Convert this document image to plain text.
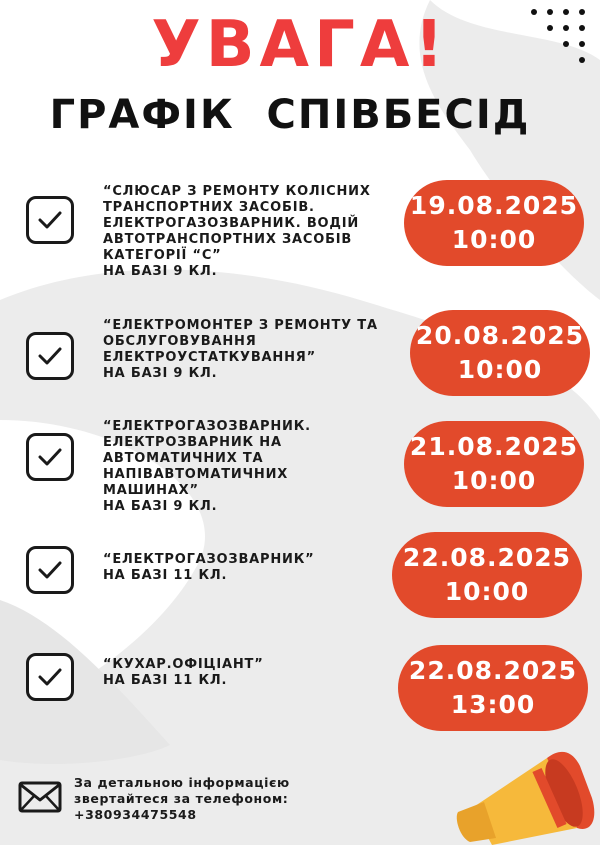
УВАГА!
ГРАФІК  СПІВБЕСІД
“СЛЮСАР З РЕМОНТУ КОЛІСНИХ
ТРАНСПОРТНИХ ЗАСОБІВ.
ЕЛЕКТРОГАЗОЗВАРНИК. ВОДІЙ
АВТОТРАНСПОРТНИХ ЗАСОБІВ
КАТЕГОРІЇ “С”
НА БАЗІ 9 КЛ.
19.08.2025
10:00
“ЕЛЕКТРОМОНТЕР З РЕМОНТУ ТА
ОБСЛУГОВУВАННЯ
ЕЛЕКТРОУСТАТКУВАННЯ”
НА БАЗІ 9 КЛ.
20.08.2025
10:00
“ЕЛЕКТРОГАЗОЗВАРНИК.
ЕЛЕКТРОЗВАРНИК НА
АВТОМАТИЧНИХ ТА
НАПІВАВТОМАТИЧНИХ
МАШИНАХ”
НА БАЗІ 9 КЛ.
21.08.2025
10:00
“ЕЛЕКТРОГАЗОЗВАРНИК”
НА БАЗІ 11 КЛ.
22.08.2025
10:00
“КУХАР.ОФІЦІАНТ”
НА БАЗІ 11 КЛ.	22.08.2025
13:00
За детальною інформацією
звертайтеся за телефоном:
+380934475548
